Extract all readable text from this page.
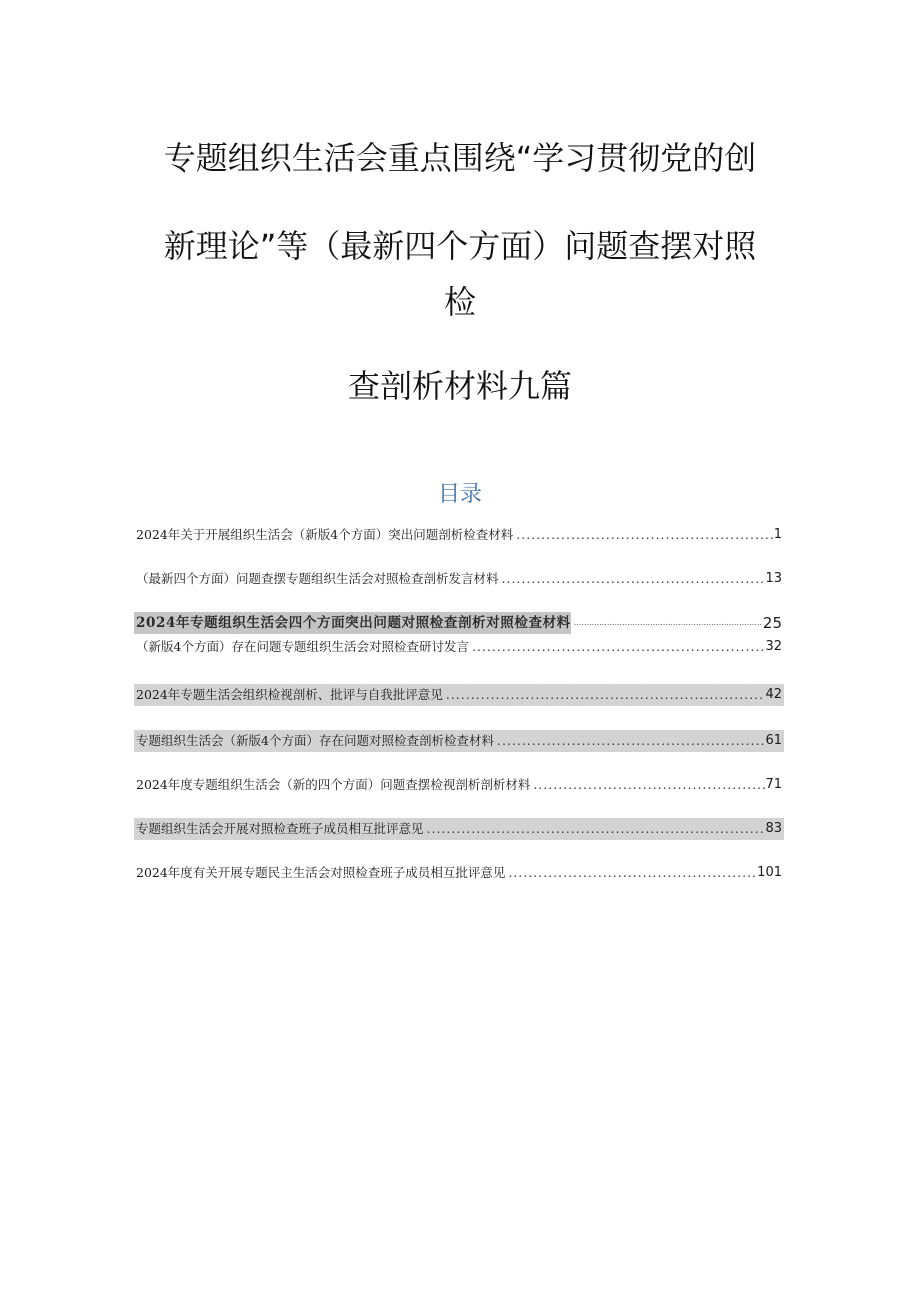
专题组织生活会重点围绕“学习贯彻党的创
新理论”等（最新四个方面）问题查摆对照
检
查剖析材料九篇
目录
2024年关于开展组织生活会（新版4个方面）突出问题剖析检查材料 .....	1
（最新四个方面）问题查摆专题组织生活会对照检查剖析发言材料 .....	13
2024年专题组织生活会四个方面突出问题对照检查剖析对照检查材料 .....	25
（新版4个方面）存在问题专题组织生活会对照检查研讨发言 .....	32
2024年专题生活会组织检视剖析、批评与自我批评意见 .....	42
专题组织生活会（新版4个方面）存在问题对照检查剖析检查材料 .....	61
2024年度专题组织生活会（新的四个方面）问题查摆检视剖析剖析材料 .....	71
专题组织生活会开展对照检查班子成员相互批评意见 .....	83
2024年度有关开展专题民主生活会对照检查班子成员相互批评意见 .....	101
